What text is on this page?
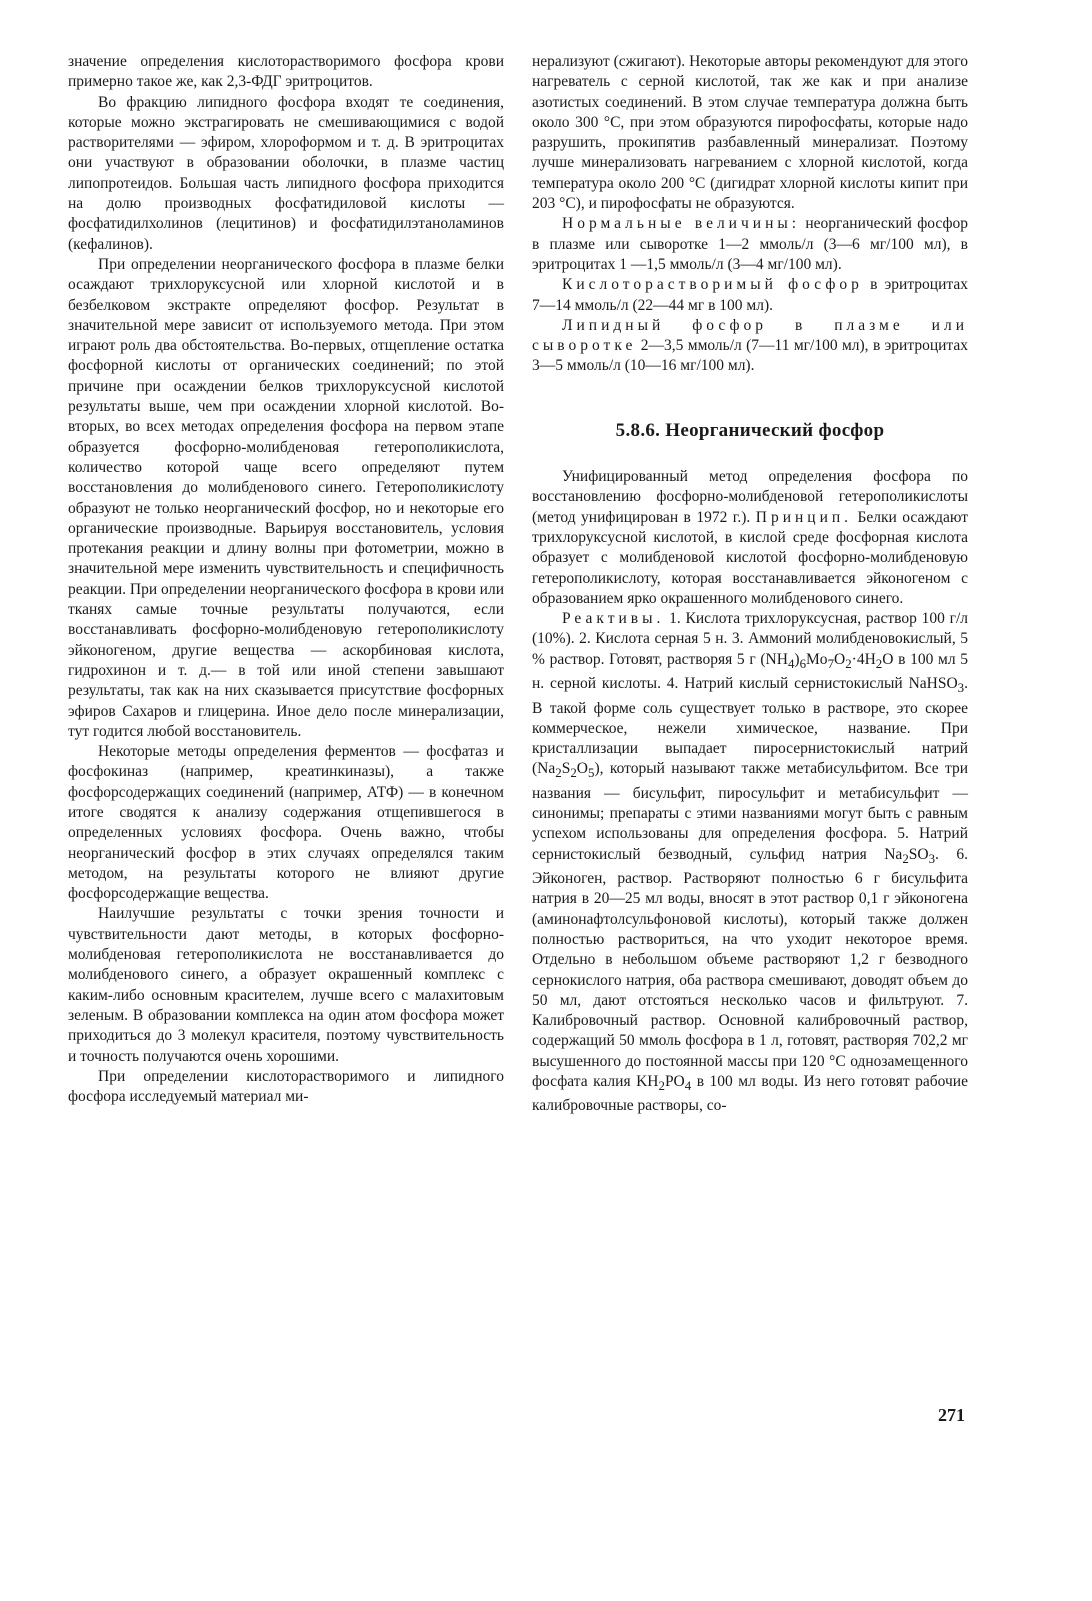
значение определения кислоторастворимого фосфора крови примерно такое же, как 2,3-ФДГ эритроцитов.

Во фракцию липидного фосфора входят те соединения, которые можно экстрагировать не смешивающимися с водой растворителями — эфиром, хлороформом и т. д. В эритроцитах они участвуют в образовании оболочки, в плазме частиц липопротеидов. Большая часть липидного фосфора приходится на долю производных фосфатидиловой кислоты — фосфатидилхолинов (лецитинов) и фосфатидилэтаноламинов (кефалинов).

При определении неорганического фосфора в плазме белки осаждают трихлоруксусной или хлорной кислотой и в безбелковом экстракте определяют фосфор. Результат в значительной мере зависит от используемого метода. При этом играют роль два обстоятельства. Во-первых, отщепление остатка фосфорной кислоты от органических соединений; по этой причине при осаждении белков трихлоруксусной кислотой результаты выше, чем при осаждении хлорной кислотой. Во-вторых, во всех методах определения фосфора на первом этапе образуется фосфорно-молибденовая гетерополикислота, количество которой чаще всего определяют путем восстановления до молибденового синего. Гетерополикислоту образуют не только неорганический фосфор, но и некоторые его органические производные. Варьируя восстановитель, условия протекания реакции и длину волны при фотометрии, можно в значительной мере изменить чувствительность и специфичность реакции. При определении неорганического фосфора в крови или тканях самые точные результаты получаются, если восстанавливать фосфорно-молибденовую гетерополикислоту эйконогеном, другие вещества — аскорбиновая кислота, гидрохинон и т. д.— в той или иной степени завышают результаты, так как на них сказывается присутствие фосфорных эфиров Сахаров и глицерина. Иное дело после минерализации, тут годится любой восстановитель.

Некоторые методы определения ферментов — фосфатаз и фосфокиназ (например, креатинкиназы), а также фосфорсодержащих соединений (например, АТФ) — в конечном итоге сводятся к анализу содержания отщепившегося в определенных условиях фосфора. Очень важно, чтобы неорганический фосфор в этих случаях определялся таким методом, на результаты которого не влияют другие фосфорсодержащие вещества.

Наилучшие результаты с точки зрения точности и чувствительности дают методы, в которых фосфорно-молибденовая гетерополикислота не восстанавливается до молибденового синего, а образует окрашенный комплекс с каким-либо основным красителем, лучше всего с малахитовым зеленым. В образовании комплекса на один атом фосфора может приходиться до 3 молекул красителя, поэтому чувствительность и точность получаются очень хорошими.

При определении кислоторастворимого и липидного фосфора исследуемый материал ми-

нерализуют (сжигают). Некоторые авторы рекомендуют для этого нагреватель с серной кислотой, так же как и при анализе азотистых соединений. В этом случае температура должна быть около 300 °С, при этом образуются пирофосфаты, которые надо разрушить, прокипятив разбавленный минерализат. Поэтому лучше минерализовать нагреванием с хлорной кислотой, когда температура около 200 °С (дигидрат хлорной кислоты кипит при 203 °С), и пирофосфаты не образуются.

Нормальные величины: неорганический фосфор в плазме или сыворотке 1—2 ммоль/л (3—6 мг/100 мл), в эритроцитах 1 —1,5 ммоль/л (3—4 мг/100 мл).

Кислоторастворимый фосфор в эритроцитах 7—14 ммоль/л (22—44 мг в 100 мл).

Липидный фосфор в плазме или сыворотке 2—3,5 ммоль/л (7—11 мг/100 мл), в эритроцитах 3—5 ммоль/л (10—16 мг/100 мл).

5.8.6. Неорганический фосфор

Унифицированный метод определения фосфора по восстановлению фосфорно-молибденовой гетерополикислоты (метод унифицирован в 1972 г.). Принцип. Белки осаждают трихлоруксусной кислотой, в кислой среде фосфорная кислота образует с молибденовой кислотой фосфорно-молибденовую гетерополикислоту, которая восстанавливается эйконогеном с образованием ярко окрашенного молибденового синего.

Реактивы. 1. Кислота трихлоруксусная, раствор 100 г/л (10%). 2. Кислота серная 5 н. 3. Аммоний молибденовокислый, 5 % раствор. Готовят, растворяя 5 г $(NH_4)_6Mo_7O_2\cdot 4H_2O$ в 100 мл 5 н. серной кислоты. 4. Натрий кислый сернистокислый NaHSO$_3$. В такой форме соль существует только в растворе, это скорее коммерческое, нежели химическое, название. При кристаллизации выпадает пиросернистокислый натрий $(Na_2S_2O_5)$, который называют также метабисульфитом. Все три названия — бисульфит, пиросульфит и метабисульфит — синонимы; препараты с этими названиями могут быть с равным успехом использованы для определения фосфора. 5. Натрий сернистокислый безводный, сульфид натрия $Na_2SO_3$. 6. Эйконоген, раствор. Растворяют полностью 6 г бисульфита натрия в 20—25 мл воды, вносят в этот раствор 0,1 г эйконогена (аминонафтолсульфоновой кислоты), который также должен полностью раствориться, на что уходит некоторое время. Отдельно в небольшом объеме растворяют 1,2 г безводного сернокислого натрия, оба раствора смешивают, доводят объем до 50 мл, дают отстояться несколько часов и фильтруют. 7. Калибровочный раствор. Основной калибровочный раствор, содержащий 50 ммоль фосфора в 1 л, готовят, растворяя 702,2 мг высушенного до постоянной массы при 120 °С однозамещенного фосфата калия $KH_2PO_4$ в 100 мл воды. Из него готовят рабочие калибровочные растворы, со-

271
